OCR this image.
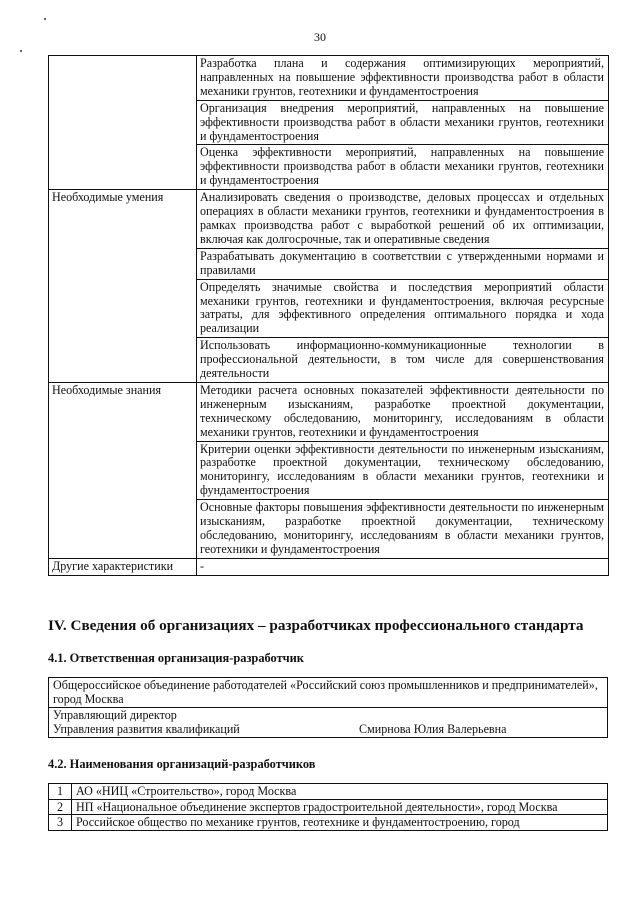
30
	Разработка плана и содержания оптимизирующих мероприятий, направленных на повышение эффективности производства работ в области механики грунтов, геотехники и фундаментостроения
	Организация внедрения мероприятий, направленных на повышение эффективности производства работ в области механики грунтов, геотехники и фундаментостроения
	Оценка эффективности мероприятий, направленных на повышение эффективности производства работ в области механики грунтов, геотехники и фундаментостроения
Необходимые умения	Анализировать сведения о производстве, деловых процессах и отдельных операциях в области механики грунтов, геотехники и фундаментостроения в рамках производства работ с выработкой решений об их оптимизации, включая как долгосрочные, так и оперативные сведения
	Разрабатывать документацию в соответствии с утвержденными нормами и правилами
	Определять значимые свойства и последствия мероприятий области механики грунтов, геотехники и фундаментостроения, включая ресурсные затраты, для эффективного определения оптимального порядка и хода реализации
	Использовать информационно-коммуникационные технологии в профессиональной деятельности, в том числе для совершенствования деятельности
Необходимые знания	Методики расчета основных показателей эффективности деятельности по инженерным изысканиям, разработке проектной документации, техническому обследованию, мониторингу, исследованиям в области механики грунтов, геотехники и фундаментостроения
	Критерии оценки эффективности деятельности по инженерным изысканиям, разработке проектной документации, техническому обследованию, мониторингу, исследованиям в области механики грунтов, геотехники и фундаментостроения
	Основные факторы повышения эффективности деятельности по инженерным изысканиям, разработке проектной документации, техническому обследованию, мониторингу, исследованиям в области механики грунтов, геотехники и фундаментостроения
Другие характеристики	-
IV. Сведения об организациях – разработчиках профессионального стандарта
4.1. Ответственная организация-разработчик
Общероссийское объединение работодателей «Российский союз промышленников и предпринимателей», город Москва
Управляющий директор
Управления развития квалификаций	Смирнова Юлия Валерьевна
4.2. Наименования организаций-разработчиков
1	АО «НИЦ «Строительство», город Москва
2	НП «Национальное объединение экспертов градостроительной деятельности», город Москва
3	Российское общество по механике грунтов, геотехнике и фундаментостроению, город
